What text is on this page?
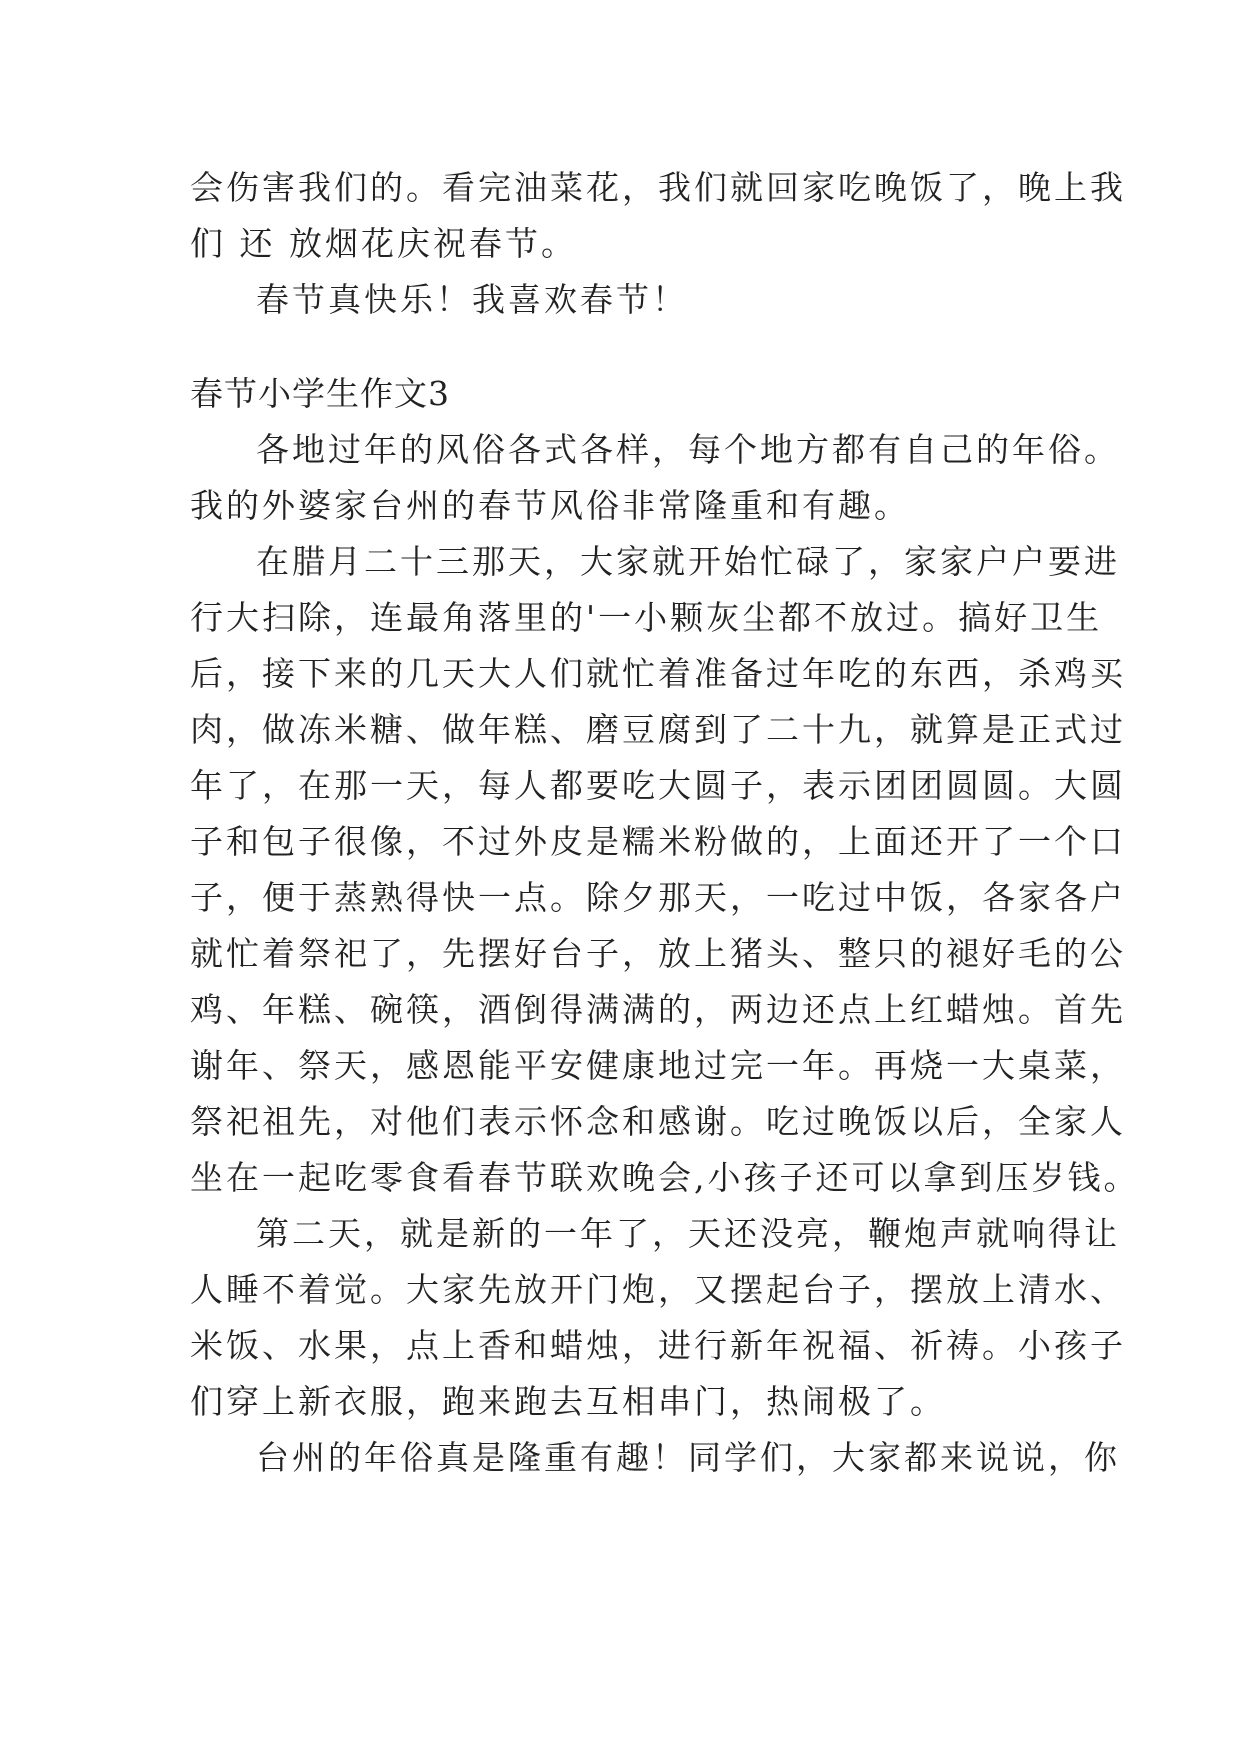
会伤害我们的。看完油菜花，我们就回家吃晚饭了，晚上我
们 还 放烟花庆祝春节。
春节真快乐！我喜欢春节！
春节小学生作文3
各地过年的风俗各式各样，每个地方都有自己的年俗。
我的外婆家台州的春节风俗非常隆重和有趣。
在腊月二十三那天，大家就开始忙碌了，家家户户要进
行大扫除，连最角落里的'一小颗灰尘都不放过。搞好卫生
后，接下来的几天大人们就忙着准备过年吃的东西，杀鸡买
肉，做冻米糖、做年糕、磨豆腐到了二十九，就算是正式过
年了，在那一天，每人都要吃大圆子，表示团团圆圆。大圆
子和包子很像，不过外皮是糯米粉做的，上面还开了一个口
子，便于蒸熟得快一点。除夕那天，一吃过中饭，各家各户
就忙着祭祀了，先摆好台子，放上猪头、整只的褪好毛的公
鸡、年糕、碗筷，酒倒得满满的，两边还点上红蜡烛。首先
谢年、祭天，感恩能平安健康地过完一年。再烧一大桌菜，
祭祀祖先，对他们表示怀念和感谢。吃过晚饭以后，全家人
坐在一起吃零食看春节联欢晚会,小孩子还可以拿到压岁钱。
第二天，就是新的一年了，天还没亮，鞭炮声就响得让
人睡不着觉。大家先放开门炮，又摆起台子，摆放上清水、
米饭、水果，点上香和蜡烛，进行新年祝福、祈祷。小孩子
们穿上新衣服，跑来跑去互相串门，热闹极了。
台州的年俗真是隆重有趣！同学们，大家都来说说，你
